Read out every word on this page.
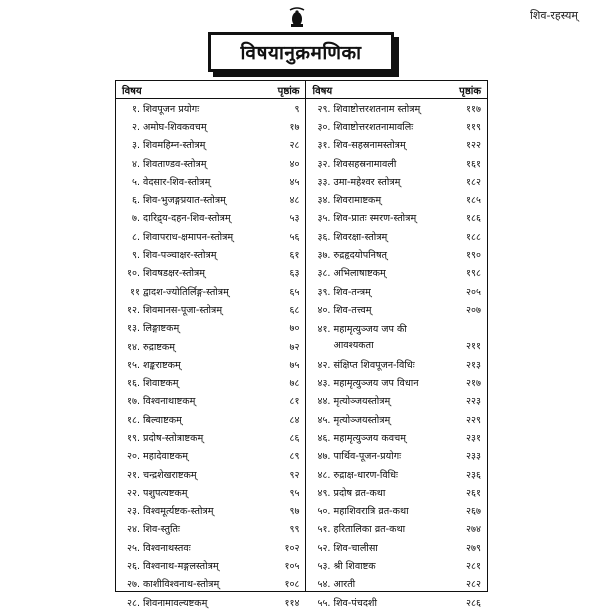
शिव-रहस्यम्
विषयानुक्रमणिका
विषय	पृष्ठांक
१. शिवपूजन प्रयोगः	९
२. अमोघ-शिवकवचम्	१७
३. शिवमहिम्न-स्तोत्रम्	२८
४. शिवताण्डव-स्तोत्रम्	४०
५. वेदसार-शिव-स्तोत्रम्	४५
६. शिव-भुजङ्गप्रयात-स्तोत्रम्	४८
७. दारिद्र्य-दहन-शिव-स्तोत्रम्	५३
८. शिवापराध-क्षमापन-स्तोत्रम्	५६
९. शिव-पञ्चाक्षर-स्तोत्रम्	६१
१०. शिवषडक्षर-स्तोत्रम्	६३
११ द्वादश-ज्योतिर्लिङ्ग-स्तोत्रम्	६५
१२. शिवमानस-पूजा-स्तोत्रम्	६८
१३. लिङ्गाष्टकम्	७०
१४. रुद्राष्टकम्	७२
१५. शङ्कराष्टकम्	७५
१६. शिवाष्टकम्	७८
१७. विश्वनाथाष्टकम्	८१
१८. बिल्वाष्टकम्	८४
१९. प्रदोष-स्तोत्राष्टकम्	८६
२०. महादेवाष्टकम्	८९
२१. चन्द्रशेखराष्टकम्	९२
२२. पशुपत्यष्टकम्	९५
२३. विश्वमूर्त्यष्टक-स्तोत्रम्	९७
२४. शिव-स्तुतिः	९९
२५. विश्वनाथस्तवः	१०२
२६. विश्वनाथ-मङ्गलस्तोत्रम्	१०५
२७. काशीविश्वनाथ-स्तोत्रम्	१०८
२८. शिवनामावल्यष्टकम्	११४
विषय	पृष्ठांक
२९. शिवाष्टोत्तरशतनाम स्तोत्रम्	११७
३०. शिवाष्टोत्तरशतनामावलिः	११९
३१. शिव-सहस्रनामस्तोत्रम्	१२२
३२. शिवसहस्रनामावली	१६१
३३. उमा-महेश्वर स्तोत्रम्	१८२
३४. शिवरामाष्टकम्	१८५
३५. शिव-प्रातः स्मरण-स्तोत्रम्	१८६
३६. शिवरक्षा-स्तोत्रम्	१८८
३७. रुद्रहृदयोपनिषत्	१९०
३८. अभिलाषाष्टकम्	१९८
३९. शिव-तन्त्रम्	२०५
४०. शिव-तत्त्वम्	२०७
४१. महामृत्युञ्जय जप की आवश्यकता	२११
४२. संक्षिप्त शिवपूजन-विधिः	२१३
४३. महामृत्युञ्जय जप विधान	२१७
४४. मृत्योञ्जयस्तोत्रम्	२२३
४५. मृत्योञ्जयस्तोत्रम्	२२९
४६. महामृत्युञ्जय कवचम्	२३१
४७. पार्थिव-पूजन-प्रयोगः	२३३
४८. रुद्राक्ष-धारण-विधिः	२३६
४९. प्रदोष व्रत-कथा	२६१
५०. महाशिवरात्रि व्रत-कथा	२६७
५१. हरितालिका व्रत-कथा	२७४
५२. शिव-चालीसा	२७९
५३. श्री शिवाष्टक	२८१
५४. आरती	२८२
५५. शिव-पंचदशी	२८६
